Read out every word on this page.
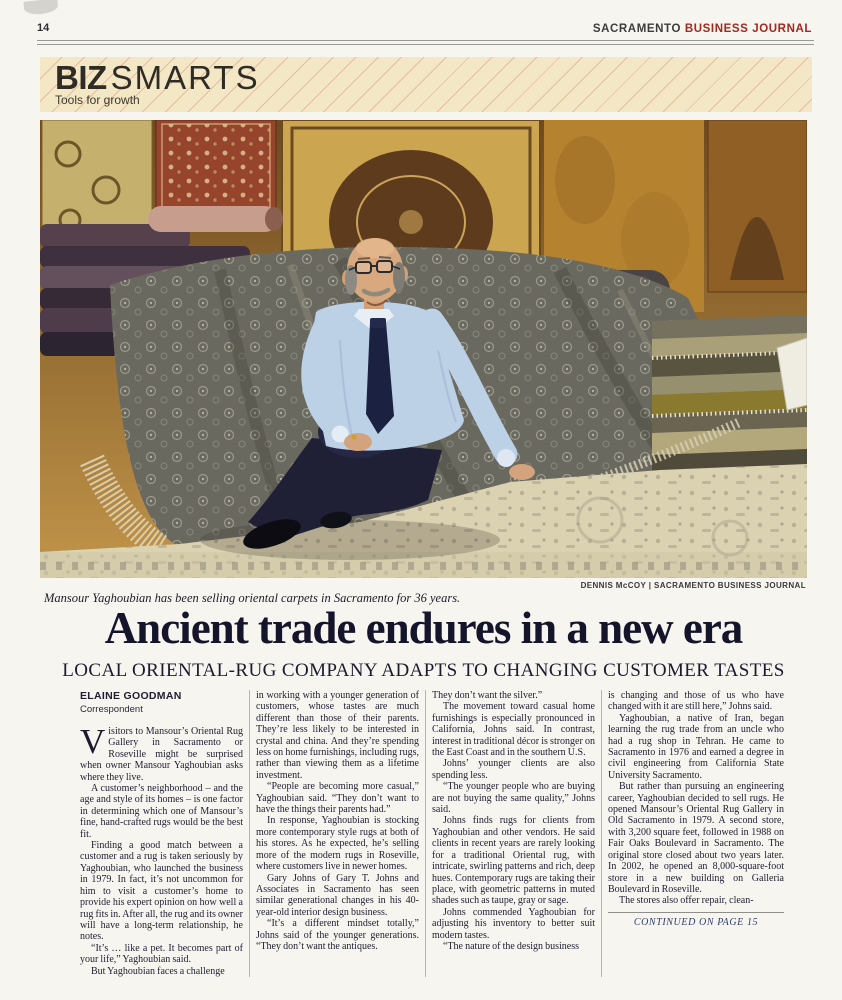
14	SACRAMENTO BUSINESS JOURNAL
BIZ SMARTS
Tools for growth
DENNIS McCOY | SACRAMENTO BUSINESS JOURNAL
Mansour Yaghoubian has been selling oriental carpets in Sacramento for 36 years.
Ancient trade endures in a new era
LOCAL ORIENTAL-RUG COMPANY ADAPTS TO CHANGING CUSTOMER TASTES
ELAINE GOODMAN
Correspondent

Visitors to Mansour’s Oriental Rug Gallery in Sacramento or Roseville might be surprised when owner Mansour Yaghoubian asks where they live.

A customer’s neighborhood – and the age and style of its homes – is one factor in determining which one of Mansour’s fine, hand-crafted rugs would be the best fit.

Finding a good match between a customer and a rug is taken seriously by Yaghoubian, who launched the business in 1979. In fact, it’s not uncommon for him to visit a customer’s home to provide his expert opinion on how well a rug fits in. After all, the rug and its owner will have a long-term relationship, he notes.

“It’s … like a pet. It becomes part of your life,” Yaghoubian said.

But Yaghoubian faces a challenge

in working with a younger generation of customers, whose tastes are much different than those of their parents. They’re less likely to be interested in crystal and china. And they’re spending less on home furnishings, including rugs, rather than viewing them as a lifetime investment.

“People are becoming more casual,” Yaghoubian said. “They don’t want to have the things their parents had.”

In response, Yaghoubian is stocking more contemporary style rugs at both of his stores. As he expected, he’s selling more of the modern rugs in Roseville, where customers live in newer homes.

Gary Johns of Gary T. Johns and Associates in Sacramento has seen similar generational changes in his 40-year-old interior design business.

“It’s a different mindset totally,” Johns said of the younger generations. “They don’t want the antiques.

They don’t want the silver.”

The movement toward casual home furnishings is especially pronounced in California, Johns said. In contrast, interest in traditional décor is stronger on the East Coast and in the southern U.S.

Johns’ younger clients are also spending less.

“The younger people who are buying are not buying the same quality,” Johns said.

Johns finds rugs for clients from Yaghoubian and other vendors. He said clients in recent years are rarely looking for a traditional Oriental rug, with intricate, swirling patterns and rich, deep hues. Contemporary rugs are taking their place, with geometric patterns in muted shades such as taupe, gray or sage.

Johns commended Yaghoubian for adjusting his inventory to better suit modern tastes.

“The nature of the design business

is changing and those of us who have changed with it are still here,” Johns said.

Yaghoubian, a native of Iran, began learning the rug trade from an uncle who had a rug shop in Tehran. He came to Sacramento in 1976 and earned a degree in civil engineering from California State University Sacramento.

But rather than pursuing an engineering career, Yaghoubian decided to sell rugs. He opened Mansour’s Oriental Rug Gallery in Old Sacramento in 1979. A second store, with 3,200 square feet, followed in 1988 on Fair Oaks Boulevard in Sacramento. The original store closed about two years later. In 2002, he opened an 8,000-square-foot store in a new building on Galleria Boulevard in Roseville.

The stores also offer repair, clean-

CONTINUED ON PAGE 15
